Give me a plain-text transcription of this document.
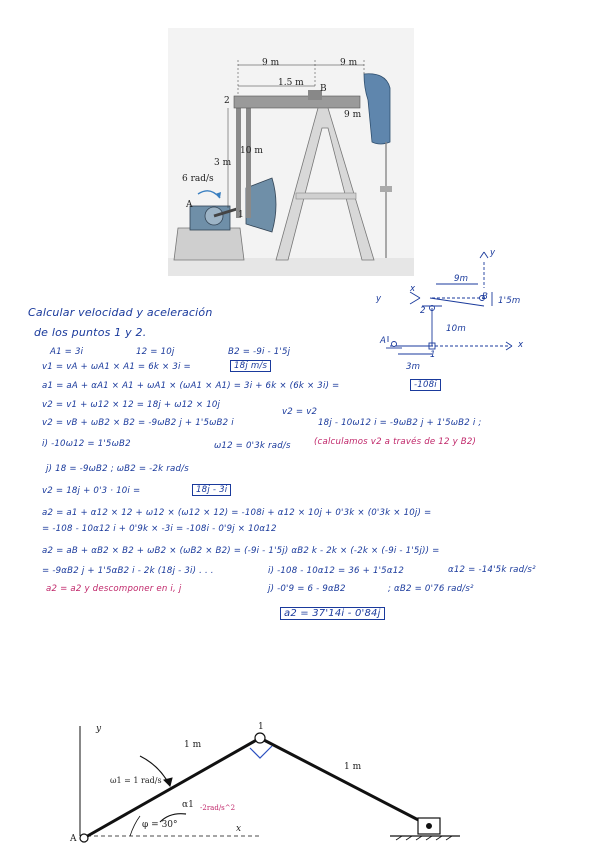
9 m	9 m
1.5 m
B
9 m
2
10 m
3 m
6 rad/s
A
1
y
x
9m
B 1'5m
y
2
10m
A
1
x
3m
Calcular velocidad y aceleración
de los puntos 1 y 2.
A1 = 3i	12 = 10j	B2 = -9i - 1'5j
v1 = vA + ωA1 × A1 = 6k × 3i =	18j m/s
a1 = aA + αA1 × A1 + ωA1 × (ωA1 × A1) = 3i + 6k × (6k × 3i) =	-108i
v2 = v1 + ω12 × 12 = 18j + ω12 × 10j
v2 = v2
v2 = vB + ωB2 × B2 = -9ωB2 j + 1'5ωB2 i	18j - 10ω12 i = -9ωB2 j + 1'5ωB2 i ;
i) -10ω12 = 1'5ωB2	ω12 = 0'3k rad/s	(calculamos v2 a través de 12 y B2)
j) 18 = -9ωB2 ; ωB2 = -2k rad/s
v2 = 18j + 0'3 · 10i =	18j - 3i
a2 = a1 + α12 × 12 + ω12 × (ω12 × 12) = -108i + α12 × 10j + 0'3k × (0'3k × 10j) =
= -108 - 10α12 i + 0'9k × -3i = -108i - 0'9j × 10α12
a2 = aB + αB2 × B2 + ωB2 × (ωB2 × B2) = (-9i - 1'5j) αB2 k - 2k × (-2k × (-9i - 1'5j)) =
= -9αB2 j + 1'5αB2 i - 2k (18j - 3i) . . .	i) -108 - 10α12 = 36 + 1'5α12	α12 = -14'5k rad/s²
a2 = a2 y descomponer en i, j	j) -0'9 = 6 - 9αB2	; αB2 = 0'76 rad/s²
a2 = 37'14i - 0'84j
y	1
1 m
1 m
ω1 = 1 rad/s
α1 -2rad/s^2
φ = 30°	x
A
